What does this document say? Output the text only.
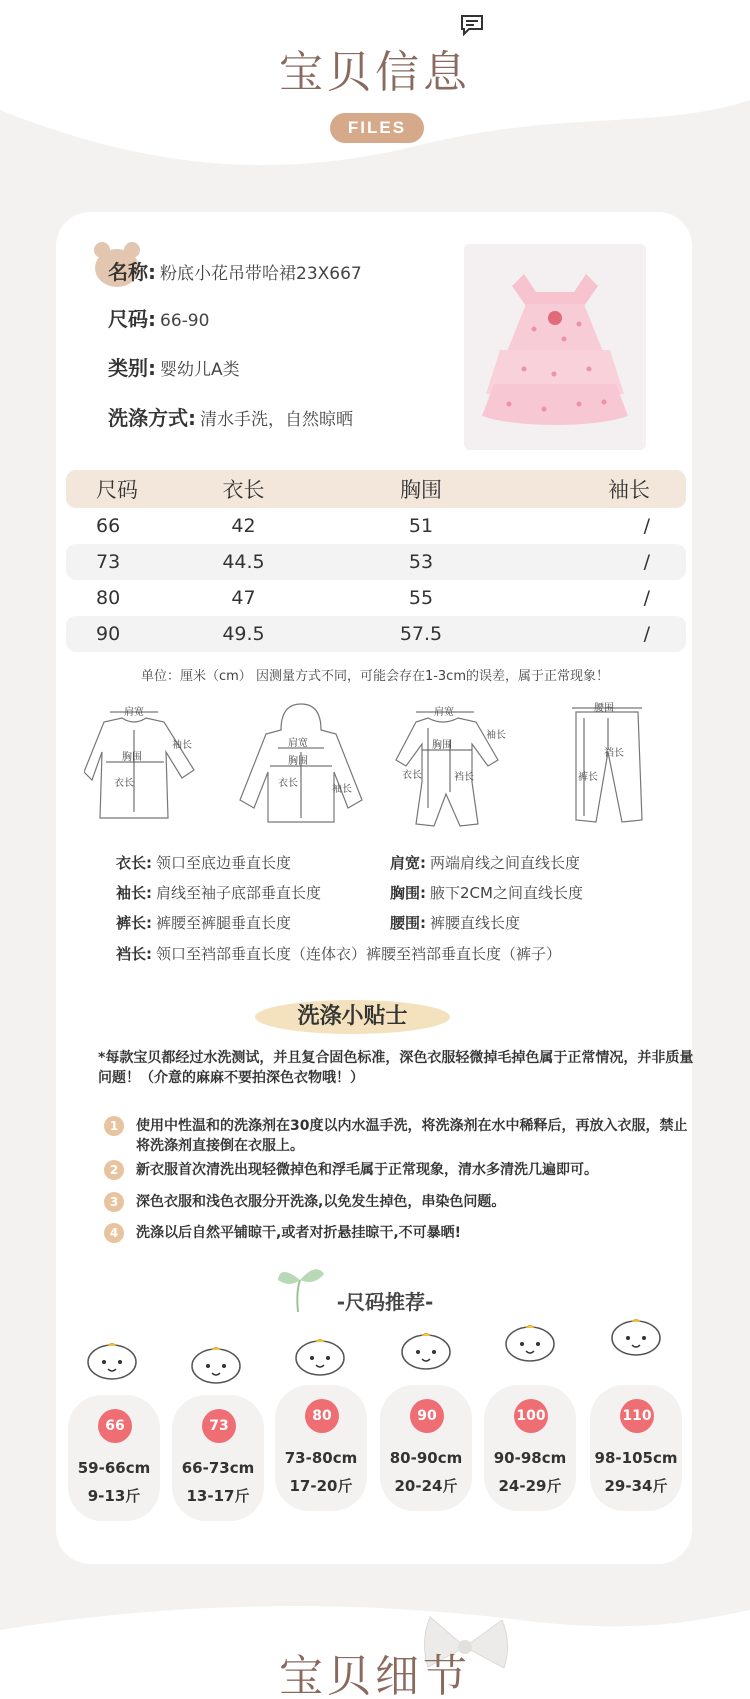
宝贝信息
FILES
名称: 粉底小花吊带哈裙23X667
尺码: 66-90
类别: 婴幼儿A类
洗涤方式: 清水手洗，自然晾晒
尺码	衣长	胸围	袖长
66	42	51	/
73	44.5	53	/
80	47	55	/
90	49.5	57.5	/
单位：厘米（cm） 因测量方式不同，可能会存在1-3cm的误差，属于正常现象！
肩宽
胸围
衣长
袖长	肩宽
胸围
衣长
袖长
肩宽
胸围
衣长	裆长
袖长
腰围
裤长
裆长
衣长: 领口至底边垂直长度	肩宽: 两端肩线之间直线长度
袖长: 肩线至袖子底部垂直长度	胸围: 腋下2CM之间直线长度
裤长: 裤腰至裤腿垂直长度	腰围: 裤腰直线长度
裆长: 领口至裆部垂直长度（连体衣）裤腰至裆部垂直长度（裤子）
洗涤小贴士
*每款宝贝都经过水洗测试，并且复合固色标准，深色衣服轻微掉毛掉色属于正常情况，并非质量问题！（介意的麻麻不要拍深色衣物哦！）
1	使用中性温和的洗涤剂在30度以内水温手洗，将洗涤剂在水中稀释后，再放入衣服，禁止将洗涤剂直接倒在衣服上。
2	新衣服首次清洗出现轻微掉色和浮毛属于正常现象，清水多清洗几遍即可。
3	深色衣服和浅色衣服分开洗涤,以免发生掉色，串染色问题。
4	洗涤以后自然平铺晾干,或者对折悬挂晾干,不可暴晒!
-尺码推荐-
66
59-66cm
9-13斤
73
66-73cm
13-17斤
80
73-80cm
17-20斤
90
80-90cm
20-24斤
100
90-98cm
24-29斤
110
98-105cm
29-34斤
宝贝细节
